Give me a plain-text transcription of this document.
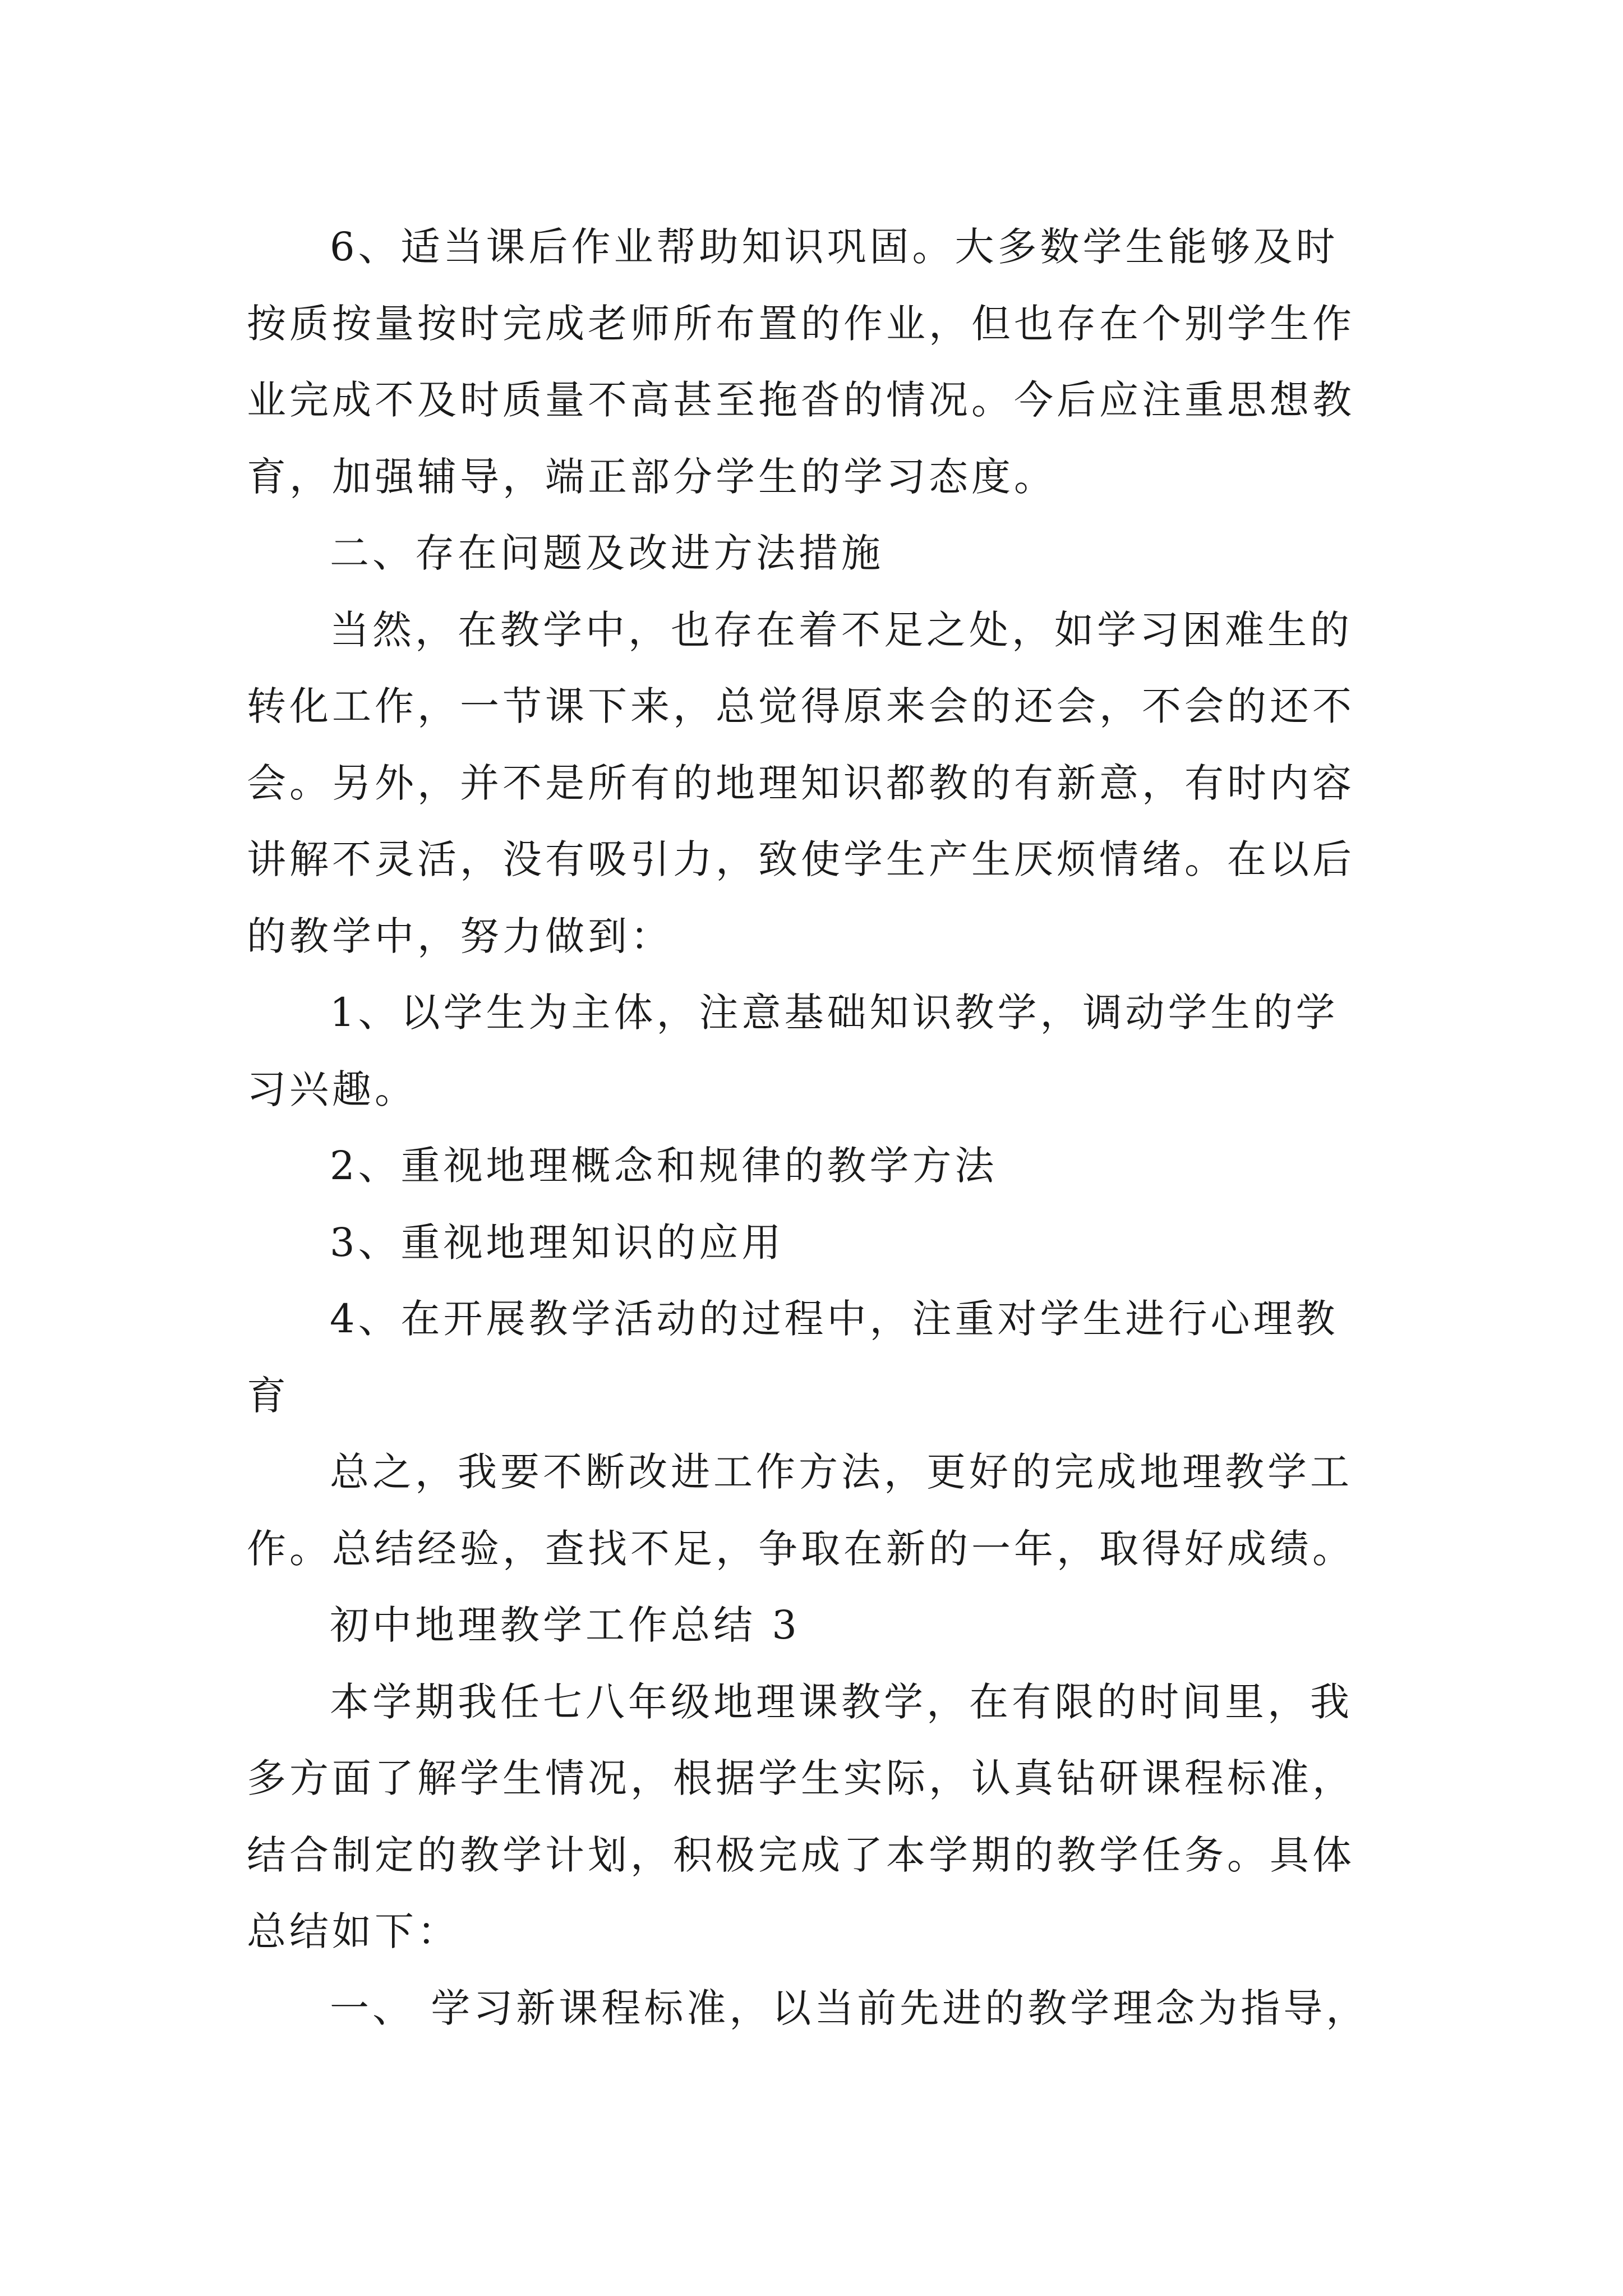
6、适当课后作业帮助知识巩固。大多数学生能够及时
按质按量按时完成老师所布置的作业，但也存在个别学生作
业完成不及时质量不高甚至拖沓的情况。今后应注重思想教
育，加强辅导，端正部分学生的学习态度。
二、存在问题及改进方法措施
当然，在教学中，也存在着不足之处，如学习困难生的
转化工作，一节课下来，总觉得原来会的还会，不会的还不
会。另外，并不是所有的地理知识都教的有新意，有时内容
讲解不灵活，没有吸引力，致使学生产生厌烦情绪。在以后
的教学中，努力做到：
1、以学生为主体，注意基础知识教学，调动学生的学
习兴趣。
2、重视地理概念和规律的教学方法
3、重视地理知识的应用
4、在开展教学活动的过程中，注重对学生进行心理教
育
总之，我要不断改进工作方法，更好的完成地理教学工
作。总结经验，查找不足，争取在新的一年，取得好成绩。
初中地理教学工作总结 3
本学期我任七八年级地理课教学，在有限的时间里，我
多方面了解学生情况，根据学生实际，认真钻研课程标准，
结合制定的教学计划，积极完成了本学期的教学任务。具体
总结如下：
一、 学习新课程标准，以当前先进的教学理念为指导，
